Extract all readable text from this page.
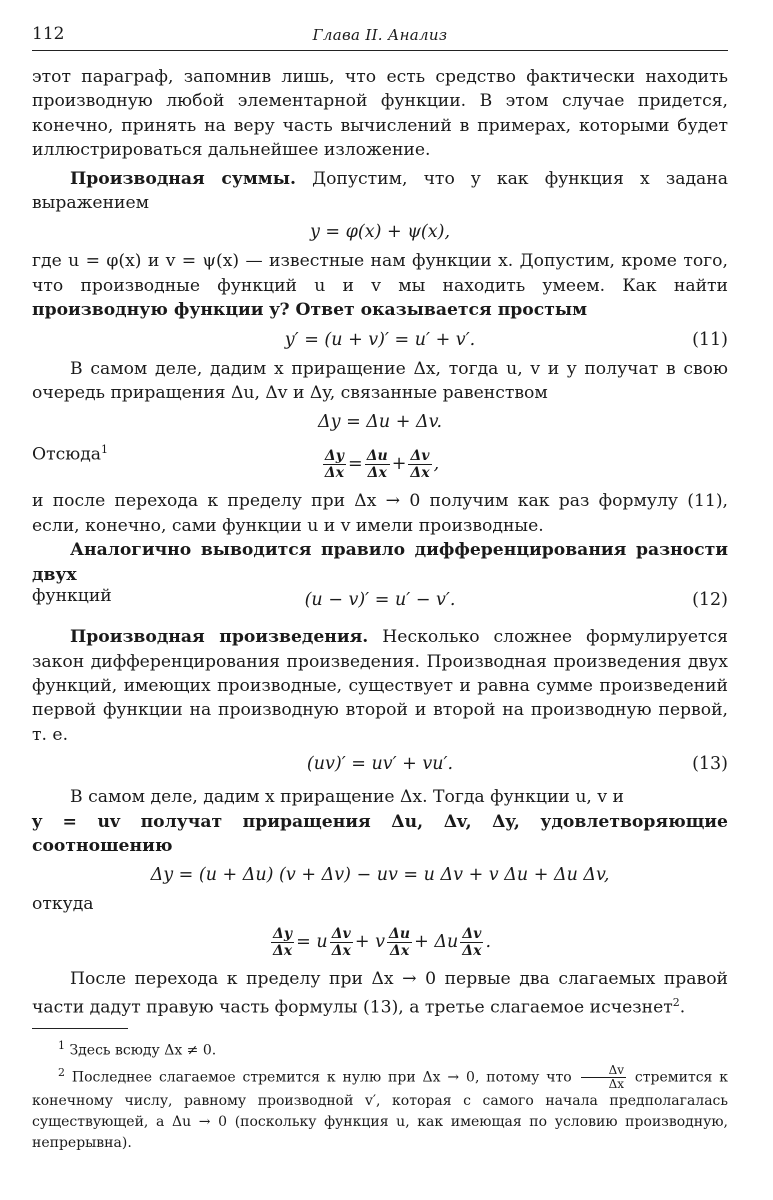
112	Глава II. Анализ

этот параграф, запомнив лишь, что есть средство фактически находить производную любой элементарной функции. В этом случае придется, конечно, принять на веру часть вычислений в примерах, которыми будет иллюстрироваться дальнейшее изложение.

Производная суммы. Допустим, что y как функция x задана выражением

y = φ(x) + ψ(x),

где u = φ(x) и v = ψ(x) — известные нам функции x. Допустим, кроме того, что производные функций u и v мы находить умеем. Как найти производную функции y? Ответ оказывается простым

y′ = (u + v)′ = u′ + v′.	(11)

В самом деле, дадим x приращение Δx, тогда u, v и y получат в свою очередь приращения Δu, Δv и Δy, связанные равенством

Δy = Δu + Δv.
Отсюда$^1$	$\frac{\Delta y}{\Delta x} = \frac{\Delta u}{\Delta x} + \frac{\Delta v}{\Delta x}$ ,

и после перехода к пределу при Δx → 0 получим как раз формулу (11), если, конечно, сами функции u и v имели производные.

Аналогично выводится правило дифференцирования разности двух

функций	(u − v)′ = u′ − v′.	(12)

Производная произведения. Несколько сложнее формулируется закон дифференцирования произведения. Производная произведения двух функций, имеющих производные, существует и равна сумме произведений первой функции на производную второй и второй на производную первой, т. е.

(uv)′ = uv′ + vu′.	(13)

В самом деле, дадим x приращение Δx. Тогда функции u, v и

y = uv получат приращения Δu, Δv, Δy, удовлетворяющие соотношению

Δy = (u + Δu) (v + Δv) − uv = u Δv + v Δu + Δu Δv,

откуда

$\frac{\Delta y}{\Delta x} = u \frac{\Delta v}{\Delta x} + v \frac{\Delta u}{\Delta x} + \Delta u \frac{\Delta v}{\Delta x}$ .

После перехода к пределу при Δx → 0 первые два слагаемых правой части дадут правую часть формулы (13), а третье слагаемое исчезнет$^2$.

$^1$ Здесь всюду Δx ≠ 0.

$^2$ Последнее слагаемое стремится к нулю при Δx → 0, потому что $\frac{\Delta v}{\Delta x}$ стремится к конечному числу, равному производной v′, которая с самого начала предполагалась существующей, а Δu → 0 (поскольку функция u, как имеющая по условию производную, непрерывна).
